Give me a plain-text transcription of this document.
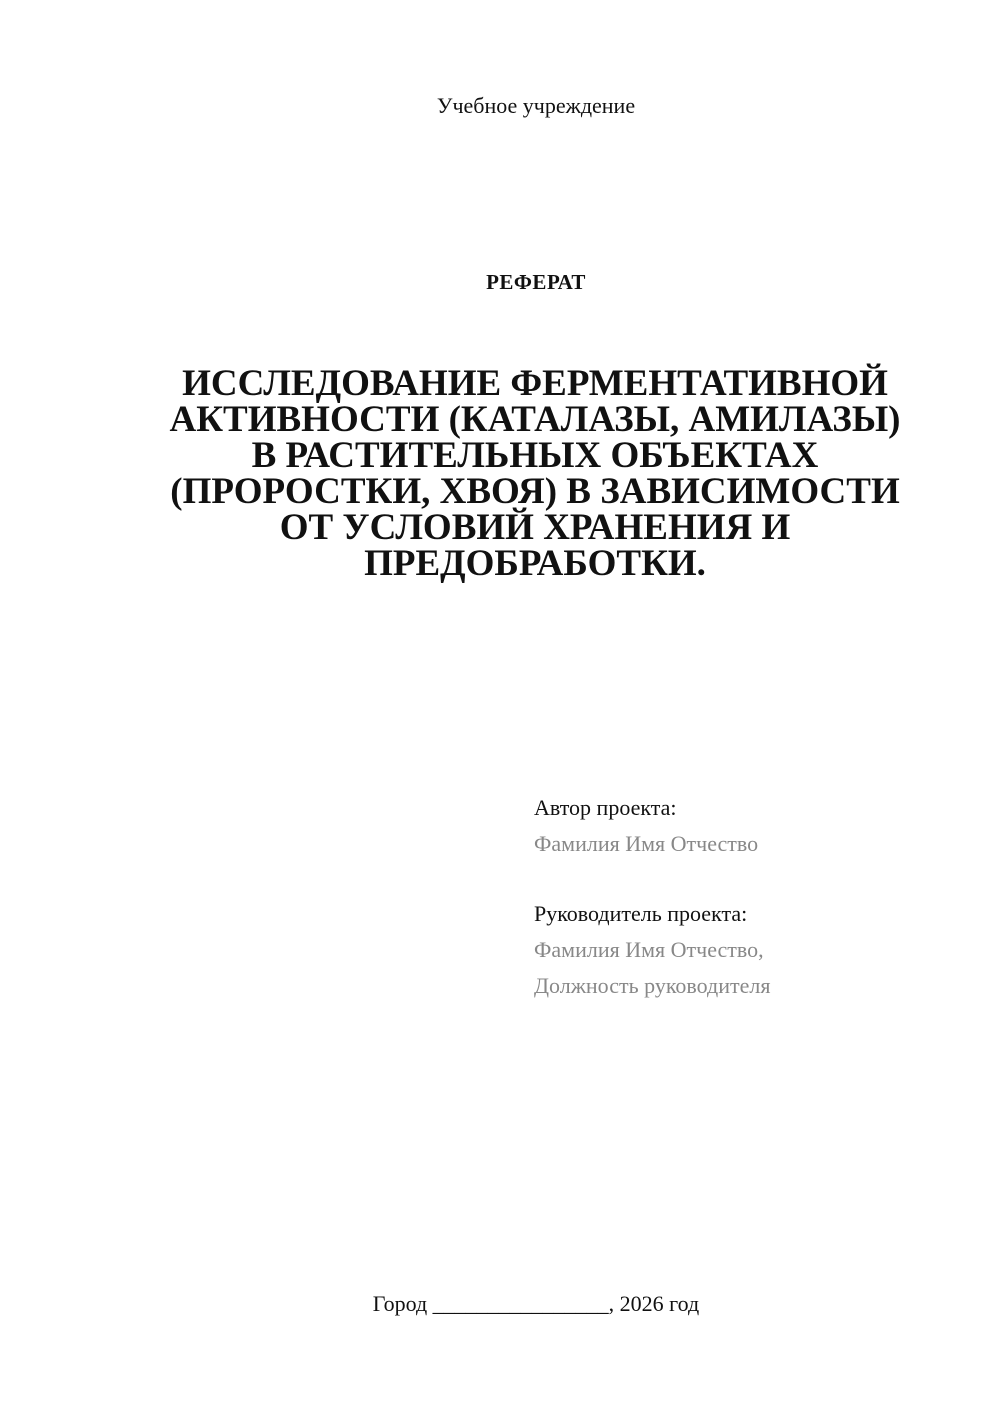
Учебное учреждение
РЕФЕРАТ
ИССЛЕДОВАНИЕ ФЕРМЕНТАТИВНОЙ
АКТИВНОСТИ (КАТАЛАЗЫ, АМИЛАЗЫ)
В РАСТИТЕЛЬНЫХ ОБЪЕКТАХ
(ПРОРОСТКИ, ХВОЯ) В ЗАВИСИМОСТИ
ОТ УСЛОВИЙ ХРАНЕНИЯ И
ПРЕДОБРАБОТКИ.
Автор проекта:
Фамилия Имя Отчество
Руководитель проекта:
Фамилия Имя Отчество,
Должность руководителя
Город ________________, 2026 год
